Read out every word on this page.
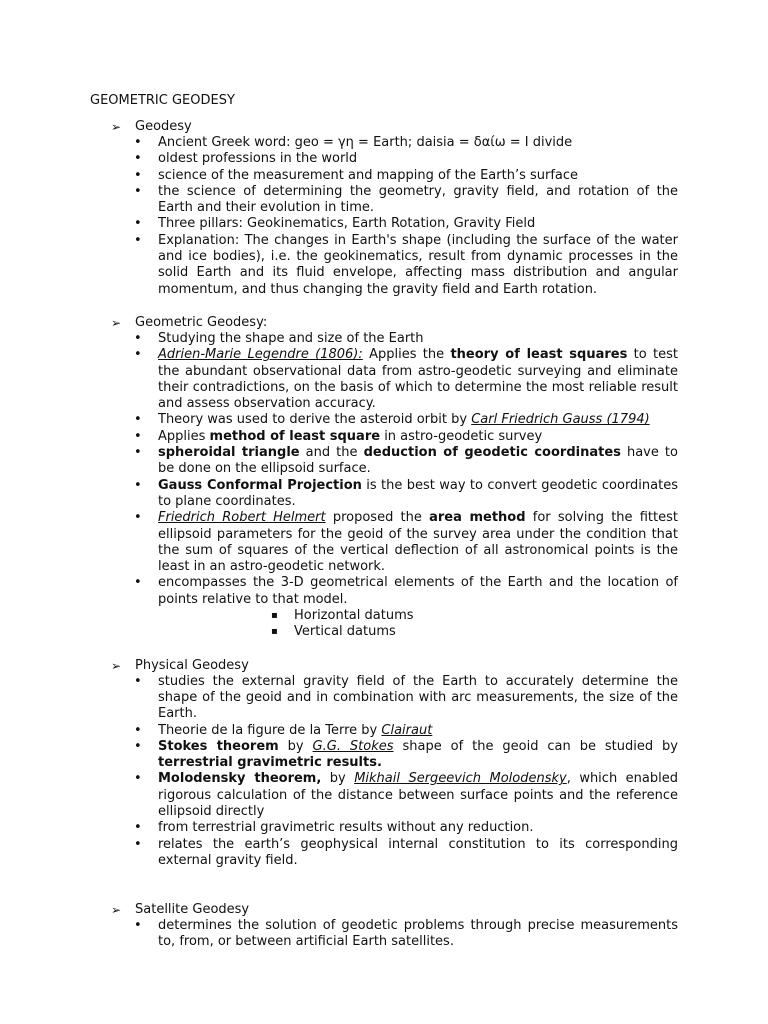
GEOMETRIC GEODESY
➢ Geodesy
• Ancient Greek word: geo = γη = Earth; daisia = δαίω = I divide
• oldest professions in the world
• science of the measurement and mapping of the Earth’s surface
• the science of determining the geometry, gravity field, and rotation of the Earth and their evolution in time.
• Three pillars: Geokinematics, Earth Rotation, Gravity Field
• Explanation: The changes in Earth's shape (including the surface of the water and ice bodies), i.e. the geokinematics, result from dynamic processes in the solid Earth and its fluid envelope, affecting mass distribution and angular momentum, and thus changing the gravity field and Earth rotation.
➢ Geometric Geodesy:
• Studying the shape and size of the Earth
• Adrien-Marie Legendre (1806): Applies the theory of least squares to test the abundant observational data from astro-geodetic surveying and eliminate their contradictions, on the basis of which to determine the most reliable result and assess observation accuracy.
• Theory was used to derive the asteroid orbit by Carl Friedrich Gauss (1794)
• Applies method of least square in astro-geodetic survey
• spheroidal triangle and the deduction of geodetic coordinates have to be done on the ellipsoid surface.
• Gauss Conformal Projection is the best way to convert geodetic coordinates to plane coordinates.
• Friedrich Robert Helmert proposed the area method for solving the fittest ellipsoid parameters for the geoid of the survey area under the condition that the sum of squares of the vertical deflection of all astronomical points is the least in an astro-geodetic network.
• encompasses the 3-D geometrical elements of the Earth and the location of points relative to that model.
▪ Horizontal datums
▪ Vertical datums
➢ Physical Geodesy
• studies the external gravity field of the Earth to accurately determine the shape of the geoid and in combination with arc measurements, the size of the Earth.
• Theorie de la figure de la Terre by Clairaut
• Stokes theorem by G.G. Stokes shape of the geoid can be studied by terrestrial gravimetric results.
• Molodensky theorem, by Mikhail Sergeevich Molodensky, which enabled rigorous calculation of the distance between surface points and the reference ellipsoid directly
• from terrestrial gravimetric results without any reduction.
• relates the earth’s geophysical internal constitution to its corresponding external gravity field.
➢ Satellite Geodesy
• determines the solution of geodetic problems through precise measurements to, from, or between artificial Earth satellites.
